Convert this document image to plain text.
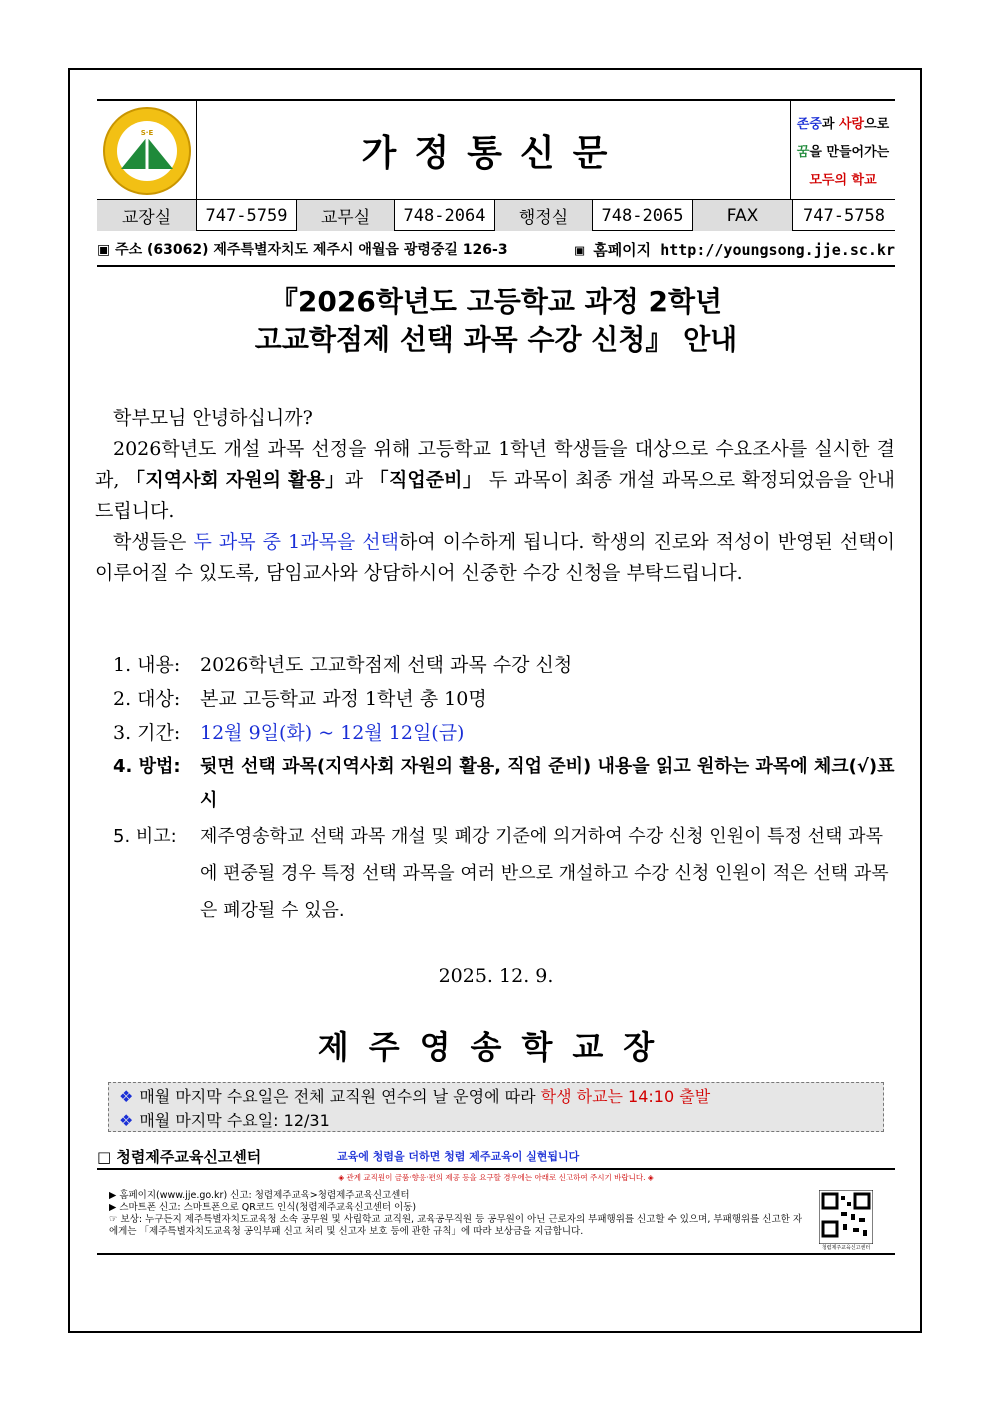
S·E	가정통신문
존중과 사랑으로
꿈을 만들어가는
모두의 학교
교장실	747-5759	교무실	748-2064	행정실	748-2065	FAX	747-5758
▣ 주소 (63062) 제주특별자치도 제주시 애월읍 광령중길 126-3	▣ 홈페이지 http://youngsong.jje.sc.kr
『2026학년도 고등학교 과정 2학년
고교학점제 선택 과목 수강 신청』 안내

학부모님 안녕하십니까?

2026학년도 개설 과목 선정을 위해 고등학교 1학년 학생들을 대상으로 수요조사를 실시한 결과, 「지역사회 자원의 활용」과 「직업준비」 두 과목이 최종 개설 과목으로 확정되었음을 안내드립니다.

학생들은 두 과목 중 1과목을 선택하여 이수하게 됩니다. 학생의 진로와 적성이 반영된 선택이 이루어질 수 있도록, 담임교사와 상담하시어 신중한 수강 신청을 부탁드립니다.

1. 내용: 2026학년도 고교학점제 선택 과목 수강 신청
2. 대상: 본교 고등학교 과정 1학년 총 10명
3. 기간: 12월 9일(화) ~ 12월 12일(금)
4. 방법: 뒷면 선택 과목(지역사회 자원의 활용, 직업 준비) 내용을 읽고 원하는 과목에 체크(√)표시
5. 비고: 제주영송학교 선택 과목 개설 및 폐강 기준에 의거하여 수강 신청 인원이 특정 선택 과목에 편중될 경우 특정 선택 과목을 여러 반으로 개설하고 수강 신청 인원이 적은 선택 과목은 폐강될 수 있음.
2025. 12. 9.
제주영송학교장
❖ 매월 마지막 수요일은 전체 교직원 연수의 날 운영에 따라 학생 하교는 14:10 출발
❖ 매월 마지막 수요일: 12/31
□ 청렴제주교육신고센터	교육에 청렴을 더하면 청렴 제주교육이 실현됩니다
◈ 관계 교직원이 금품·향응·편의 제공 등을 요구할 경우에는 아래로 신고하여 주시기 바랍니다. ◈
▶ 홈페이지(www.jje.go.kr) 신고: 청렴제주교육>청렴제주교육신고센터
▶ 스마트폰 신고: 스마트폰으로 QR코드 인식(청렴제주교육신고센터 이동)
☞ 보상: 누구든지 제주특별자치도교육청 소속 공무원 및 사립학교 교직원, 교육공무직원 등 공무원이 아닌 근로자의 부패행위를 신고할 수 있으며, 부패행위를 신고한 자에게는 「제주특별자치도교육청 공익부패 신고 처리 및 신고자 보호 등에 관한 규칙」에 따라 보상금을 지급합니다.
청렴제주교육신고센터
